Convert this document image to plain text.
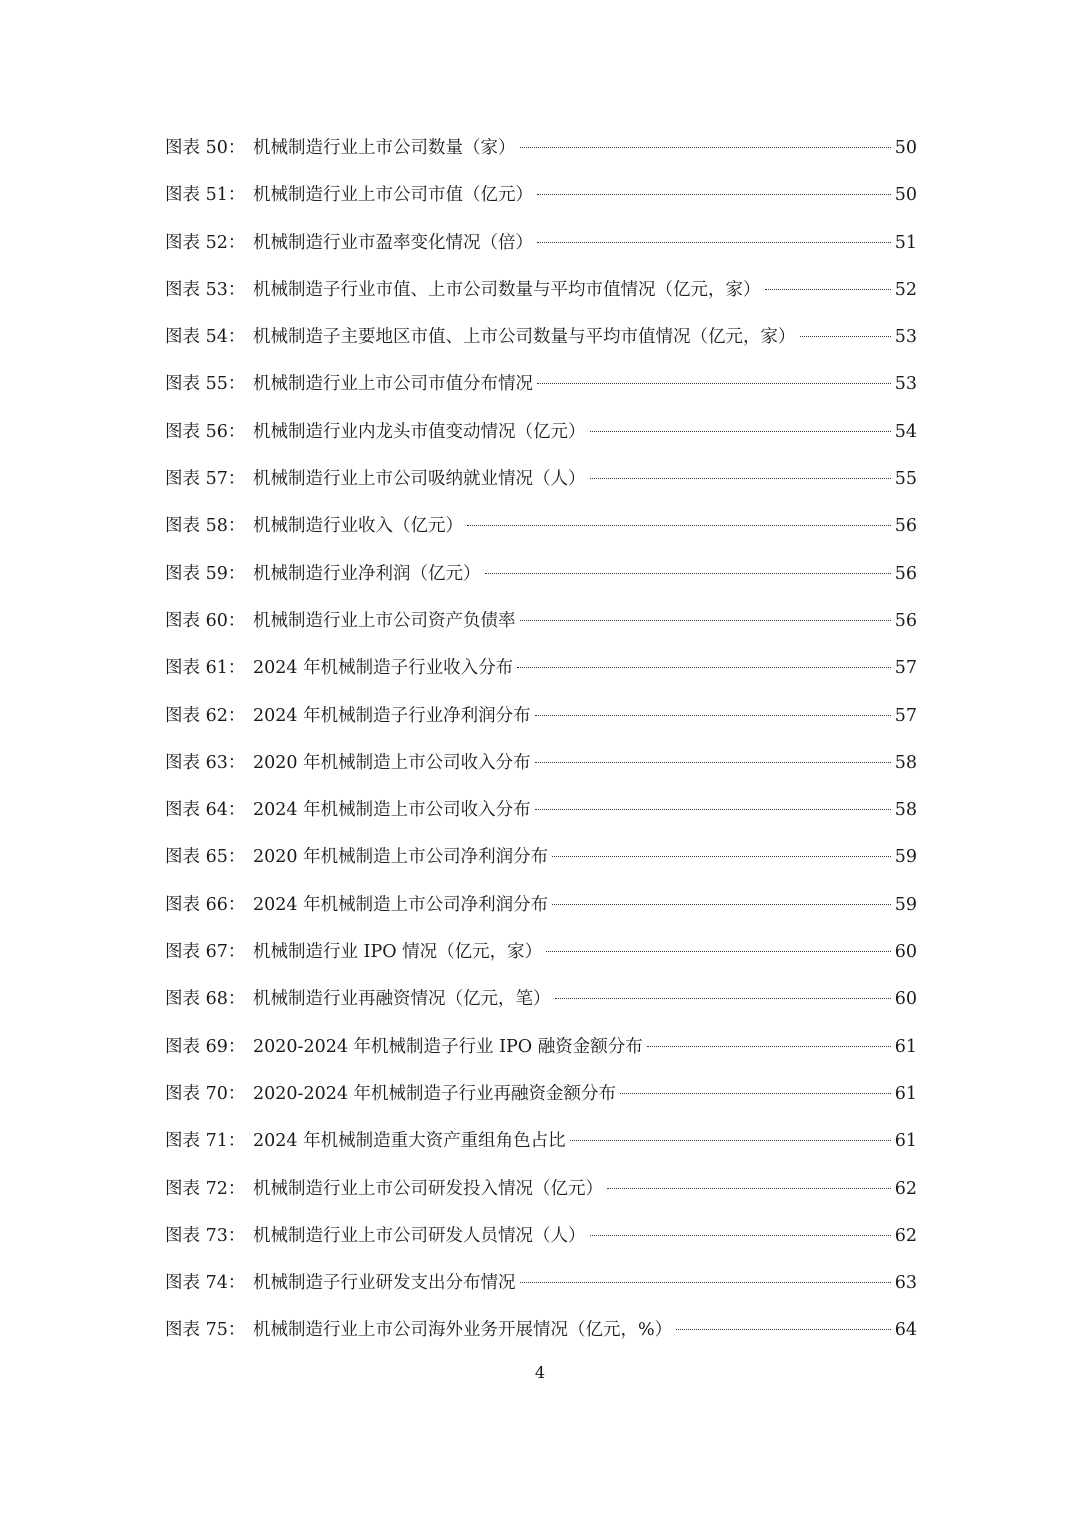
图表 50： 机械制造行业上市公司数量（家）	50
图表 51： 机械制造行业上市公司市值（亿元）	50
图表 52： 机械制造行业市盈率变化情况（倍）	51
图表 53： 机械制造子行业市值、上市公司数量与平均市值情况（亿元，家）	52
图表 54： 机械制造子主要地区市值、上市公司数量与平均市值情况（亿元，家）	53
图表 55： 机械制造行业上市公司市值分布情况	53
图表 56： 机械制造行业内龙头市值变动情况（亿元）	54
图表 57： 机械制造行业上市公司吸纳就业情况（人）	55
图表 58： 机械制造行业收入（亿元）	56
图表 59： 机械制造行业净利润（亿元）	56
图表 60： 机械制造行业上市公司资产负债率	56
图表 61： 2024 年机械制造子行业收入分布	57
图表 62： 2024 年机械制造子行业净利润分布	57
图表 63： 2020 年机械制造上市公司收入分布	58
图表 64： 2024 年机械制造上市公司收入分布	58
图表 65： 2020 年机械制造上市公司净利润分布	59
图表 66： 2024 年机械制造上市公司净利润分布	59
图表 67： 机械制造行业 IPO 情况（亿元，家）	60
图表 68： 机械制造行业再融资情况（亿元，笔）	60
图表 69： 2020-2024 年机械制造子行业 IPO 融资金额分布	61
图表 70： 2020-2024 年机械制造子行业再融资金额分布	61
图表 71： 2024 年机械制造重大资产重组角色占比	61
图表 72： 机械制造行业上市公司研发投入情况（亿元）	62
图表 73： 机械制造行业上市公司研发人员情况（人）	62
图表 74： 机械制造子行业研发支出分布情况	63
图表 75： 机械制造行业上市公司海外业务开展情况（亿元，%）	64
4
